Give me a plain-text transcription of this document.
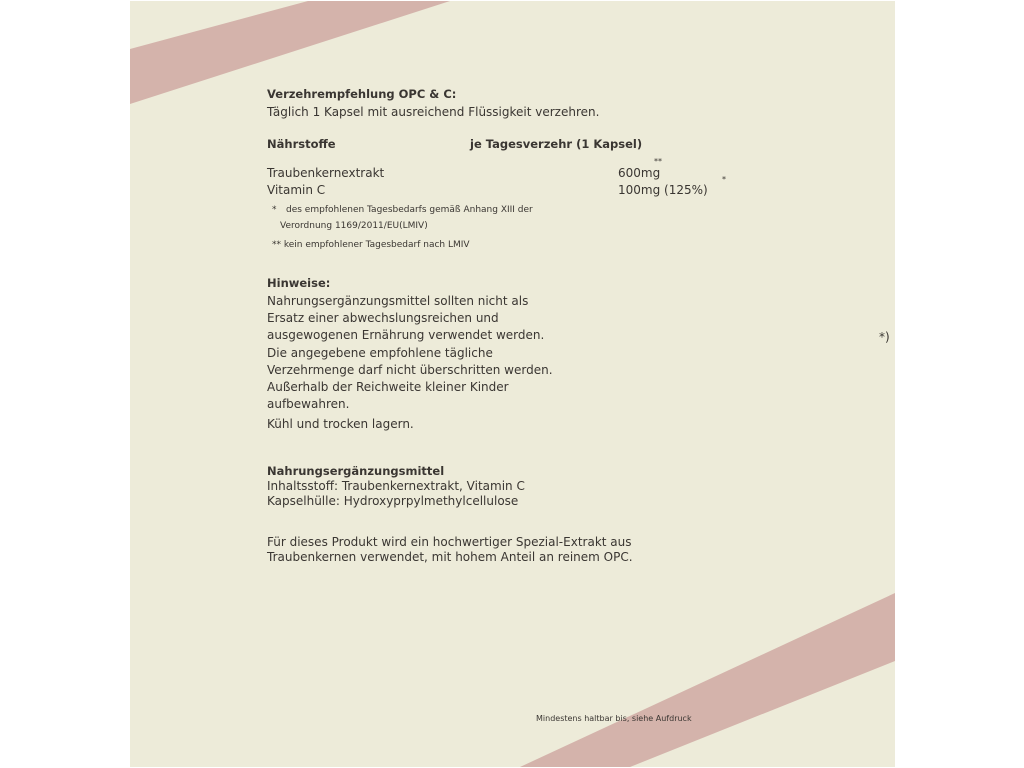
Verzehrempfehlung OPC & C:
Täglich 1 Kapsel mit ausreichend Flüssigkeit verzehren.
Nährstoffe	je Tagesverzehr (1 Kapsel)
Traubenkernextrakt	600mg
**
Vitamin C	100mg (125%)
*
* des empfohlenen Tagesbedarfs gemäß Anhang XIII der
Verordnung 1169/2011/EU(LMIV)
** kein empfohlener Tagesbedarf nach LMIV
Hinweise:
Nahrungsergänzungsmittel sollten nicht als
Ersatz einer abwechslungsreichen und
ausgewogenen Ernährung verwendet werden.
Die angegebene empfohlene tägliche
Verzehrmenge darf nicht überschritten werden.
Außerhalb der Reichweite kleiner Kinder
aufbewahren.
Kühl und trocken lagern.
*)
Nahrungsergänzungsmittel
Inhaltsstoff: Traubenkernextrakt, Vitamin C
Kapselhülle: Hydroxyprpylmethylcellulose
Für dieses Produkt wird ein hochwertiger Spezial-Extrakt aus
Traubenkernen verwendet, mit hohem Anteil an reinem OPC.
Mindestens haltbar bis, siehe Aufdruck
